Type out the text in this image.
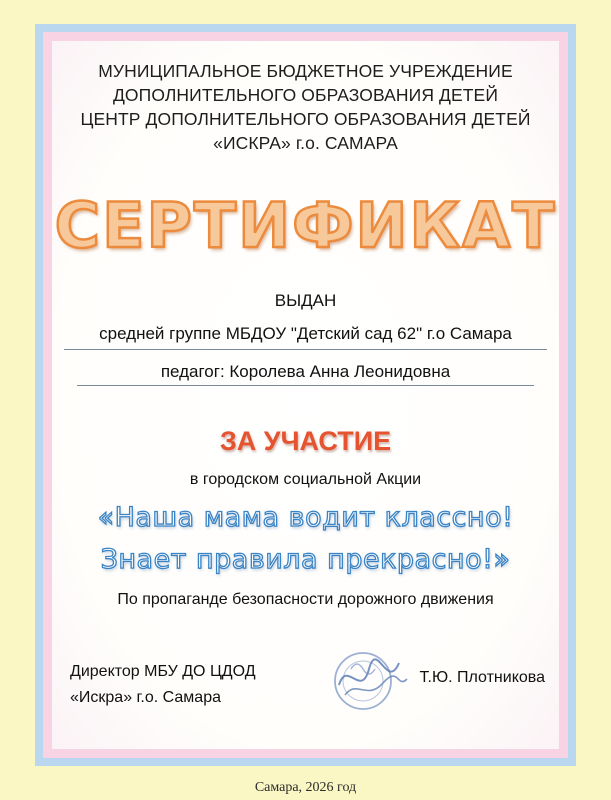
МУНИЦИПАЛЬНОЕ БЮДЖЕТНОЕ УЧРЕЖДЕНИЕ
ДОПОЛНИТЕЛЬНОГО ОБРАЗОВАНИЯ ДЕТЕЙ
ЦЕНТР ДОПОЛНИТЕЛЬНОГО ОБРАЗОВАНИЯ ДЕТЕЙ
«ИСКРА» г.о. САМАРА
СЕРТИФИКАТ
ВЫДАН
средней группе МБДОУ "Детский сад 62" г.о Самара
педагог: Королева Анна Леонидовна
ЗА УЧАСТИЕ
в городском социальной Акции
«Наша мама водит классно!
Знает правила прекрасно!»
По пропаганде безопасности дорожного движения
Директор МБУ ДО ЦДОД
«Искра» г.о. Самара
Т.Ю. Плотникова
Самара, 2026 год
